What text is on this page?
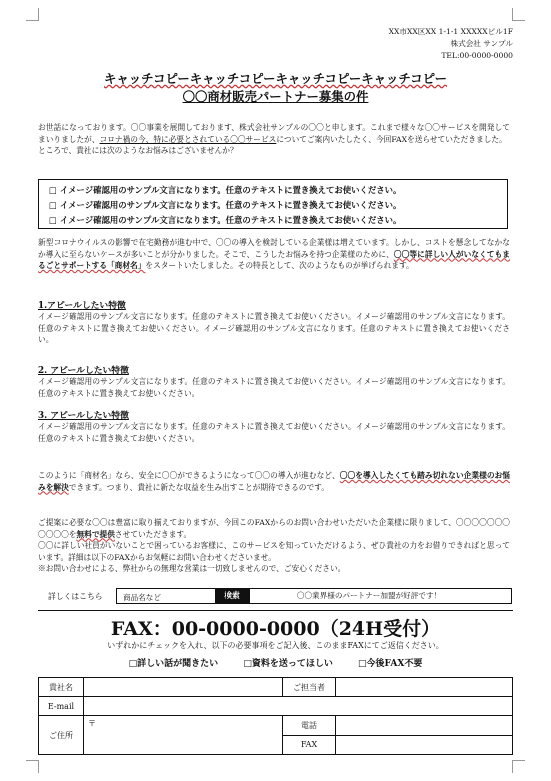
XX市XX区XX 1-1-1 XXXXXビル1F
株式会社 サンプル
TEL:00-0000-0000
キャッチコピーキャッチコピーキャッチコピーキャッチコピー
〇〇商材販売パートナー募集の件
お世話になっております。〇〇事業を展開しております、株式会社サンプルの〇〇と申します。これまで様々な〇〇サービスを開発してまいりましたが、コロナ禍の今、特に必要とされている〇〇サービスについてご案内いたしたく、今回FAXを送らせていただきました。
ところで、貴社には次のようなお悩みはございませんか？
□ イメージ確認用のサンプル文言になります。任意のテキストに置き換えてお使いください。
□ イメージ確認用のサンプル文言になります。任意のテキストに置き換えてお使いください。
□ イメージ確認用のサンプル文言になります。任意のテキストに置き換えてお使いください。
新型コロナウイルスの影響で在宅勤務が進む中で、〇〇の導入を検討している企業様は増えています。しかし、コストを懸念してなかなか導入に至らないケースが多いことが分かりました。そこで、こうしたお悩みを持つ企業様のために、〇〇等に詳しい人がいなくてもまるごとサポートする「商材名」をスタートいたしました。その特長として、次のようなものが挙げられます。
1.アピールしたい特徴
イメージ確認用のサンプル文言になります。任意のテキストに置き換えてお使いください。イメージ確認用のサンプル文言になります。任意のテキストに置き換えてお使いください。イメージ確認用のサンプル文言になります。任意のテキストに置き換えてお使いください。
2. アピールしたい特徴
イメージ確認用のサンプル文言になります。任意のテキストに置き換えてお使いください。イメージ確認用のサンプル文言になります。任意のテキストに置き換えてお使いください。
3. アピールしたい特徴
イメージ確認用のサンプル文言になります。任意のテキストに置き換えてお使いください。イメージ確認用のサンプル文言になります。任意のテキストに置き換えてお使いください。
このように「商材名」なら、安全に〇〇ができるようになって〇〇の導入が進むなど、〇〇を導入したくても踏み切れない企業様のお悩みを解決できます。つまり、貴社に新たな収益を生み出すことが期待できるのです。
ご提案に必要な〇〇は豊富に取り揃えておりますが、今回このFAXからのお問い合わせいただいた企業様に限りまして、〇〇〇〇〇〇〇〇〇〇〇を無料で提供させていただきます。
〇〇に詳しい社員がいないことで困っているお客様に、このサービスを知っていただけるよう、ぜひ貴社の力をお借りできればと思っています。詳細は以下のFAXからお気軽にお問い合わせくださいませ。
※お問い合わせによる、弊社からの無理な営業は一切致しませんので、ご安心ください。
詳しくはこちら	商品名など	検索	〇〇業界様のパートナー加盟が好評です！
FAX：00-0000-0000（24H受付）
いずれかにチェックを入れ、以下の必要事項をご記入後、このままFAXにてご返信ください。
□詳しい話が聞きたい	□資料を送ってほしい	□今後FAX不要
貴社名		ご担当者	
E-mail			
ご住所	〒	電話	
		FAX	
